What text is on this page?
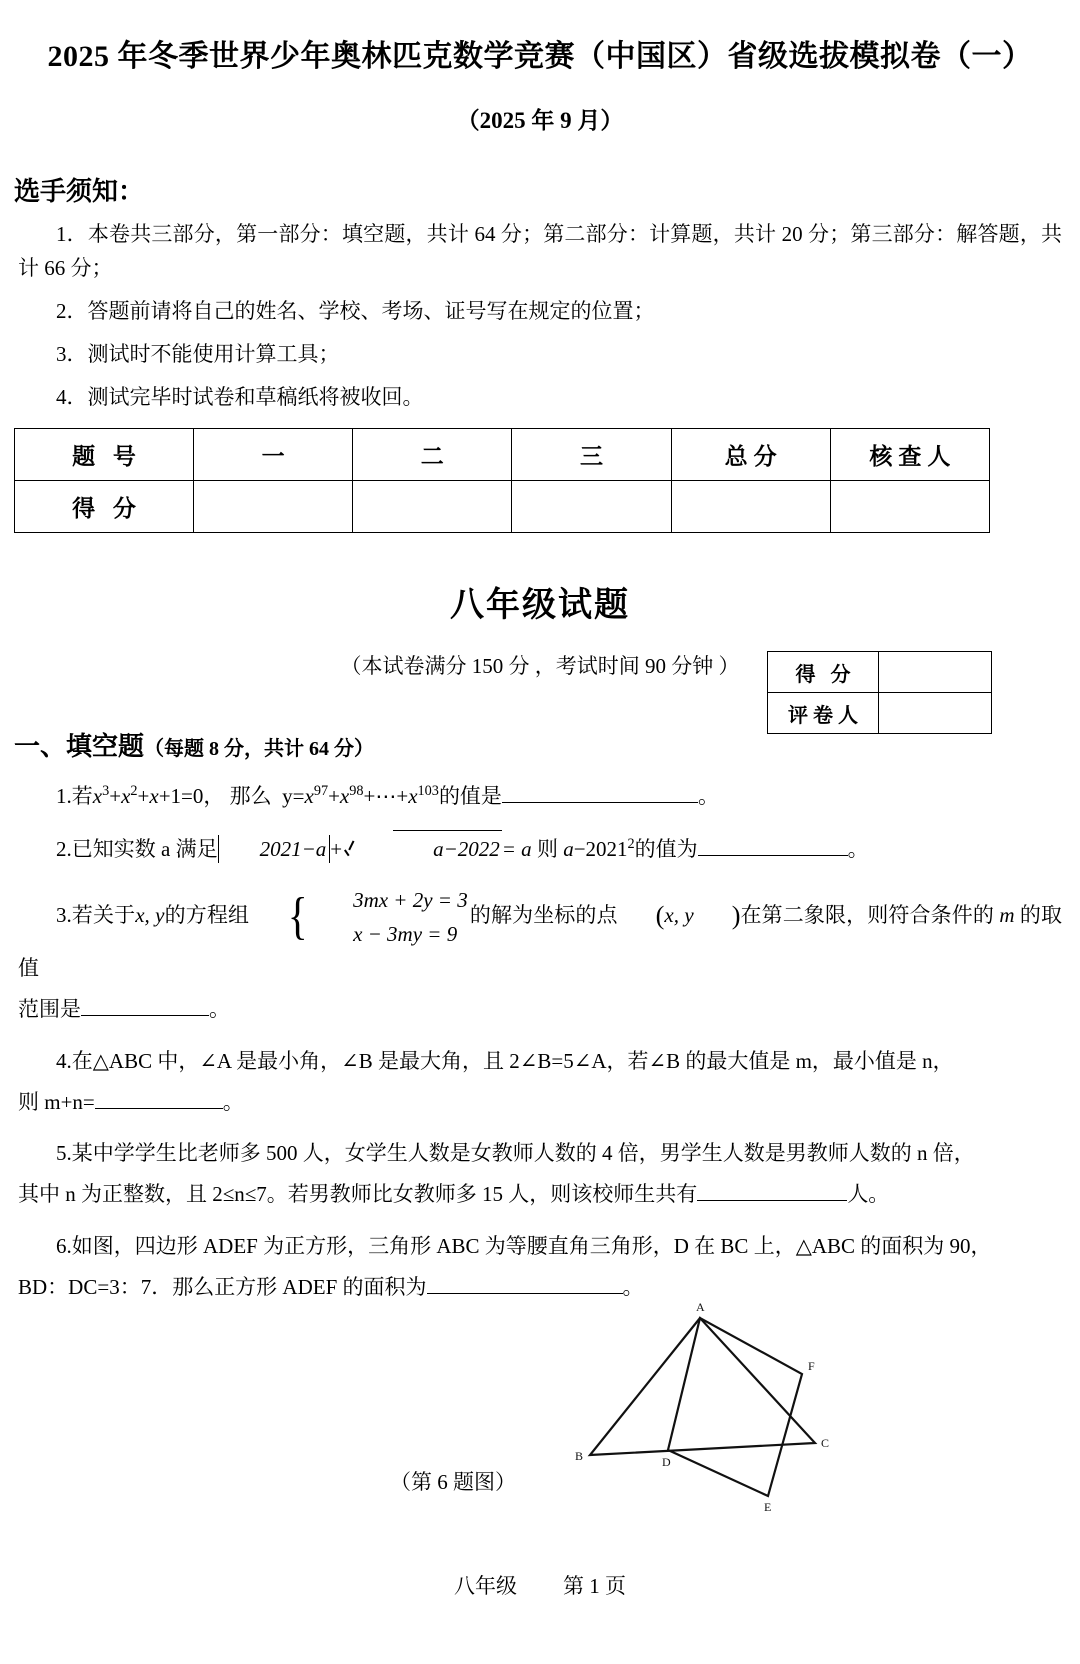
2025 年冬季世界少年奥林匹克数学竞赛（中国区）省级选拔模拟卷（一）
（2025 年 9 月）
选手须知：

1．本卷共三部分，第一部分：填空题，共计 64 分；第二部分：计算题，共计 20 分；第三部分：解答题，共计 66 分；

2．答题前请将自己的姓名、学校、考场、证号写在规定的位置；

3．测试时不能使用计算工具；

4．测试完毕时试卷和草稿纸将被收回。

题 号	一	二	三	总分	核查人
得 分					
八年级试题
（本试卷满分 150 分 ，考试时间 90 分钟 ）	得 分	
评卷人	
一、填空题（每题 8 分，共计 64 分）

1.若$x^3+x^2+x+1=0$， 那么 $y=x^{97}+x^{98}+\cdots+x^{103}$的值是	。

2.已知实数 a 满足 2021−a +	a−2022= a 则 $a-2021^2$的值为	。

3.若关于x, y的方程组 {	3mx + 2y = 3
x − 3my = 9
的解为坐标的点 (x, y )在第二象限，则符合条件的 m 的取值

范围是	。

4.在△ABC 中，∠A 是最小角，∠B 是最大角，且 2∠B=5∠A，若∠B 的最大值是 m，最小值是 n，

则 m+n=	。

5.某中学学生比老师多 500 人，女学生人数是女教师人数的 4 倍，男学生人数是男教师人数的 n 倍，

其中 n 为正整数，且 2≤n≤7。若男教师比女教师多 15 人，则该校师生共有	人。

6.如图，四边形 ADEF 为正方形，三角形 ABC 为等腰直角三角形，D 在 BC 上，△ABC 的面积为 90，

BD：DC=3：7．那么正方形 ADEF 的面积为	。

A
B
C
D
E
F
（第 6 题图）
八年级 第 1 页
